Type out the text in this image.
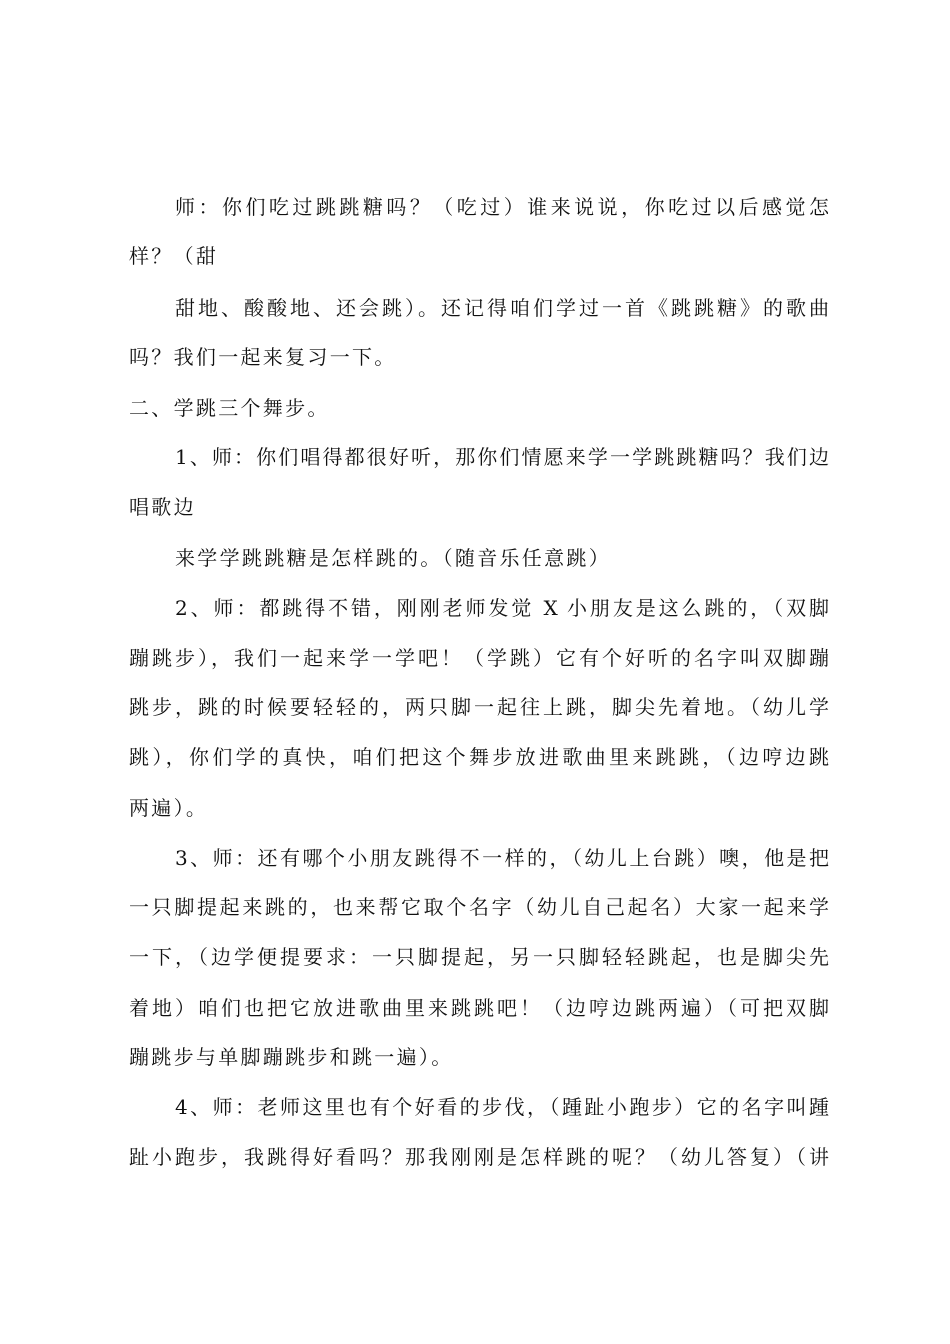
师：你们吃过跳跳糖吗？（吃过）谁来说说，你吃过以后感觉怎
样？（甜
甜地、酸酸地、还会跳）。还记得咱们学过一首《跳跳糖》的歌曲
吗？我们一起来复习一下。
二、学跳三个舞步。
1、师：你们唱得都很好听，那你们情愿来学一学跳跳糖吗？我们边
唱歌边
来学学跳跳糖是怎样跳的。（随音乐任意跳）
2、师：都跳得不错，刚刚老师发觉 X 小朋友是这么跳的，（双脚
蹦跳步），我们一起来学一学吧！（学跳）它有个好听的名字叫双脚蹦
跳步，跳的时候要轻轻的，两只脚一起往上跳，脚尖先着地。（幼儿学
跳），你们学的真快，咱们把这个舞步放进歌曲里来跳跳，（边哼边跳
两遍）。
3、师：还有哪个小朋友跳得不一样的，（幼儿上台跳）噢，他是把
一只脚提起来跳的，也来帮它取个名字（幼儿自己起名）大家一起来学
一下，（边学便提要求：一只脚提起，另一只脚轻轻跳起，也是脚尖先
着地）咱们也把它放进歌曲里来跳跳吧！（边哼边跳两遍）（可把双脚
蹦跳步与单脚蹦跳步和跳一遍）。
4、师：老师这里也有个好看的步伐，（踵趾小跑步）它的名字叫踵
趾小跑步，我跳得好看吗？那我刚刚是怎样跳的呢？（幼儿答复）（讲
